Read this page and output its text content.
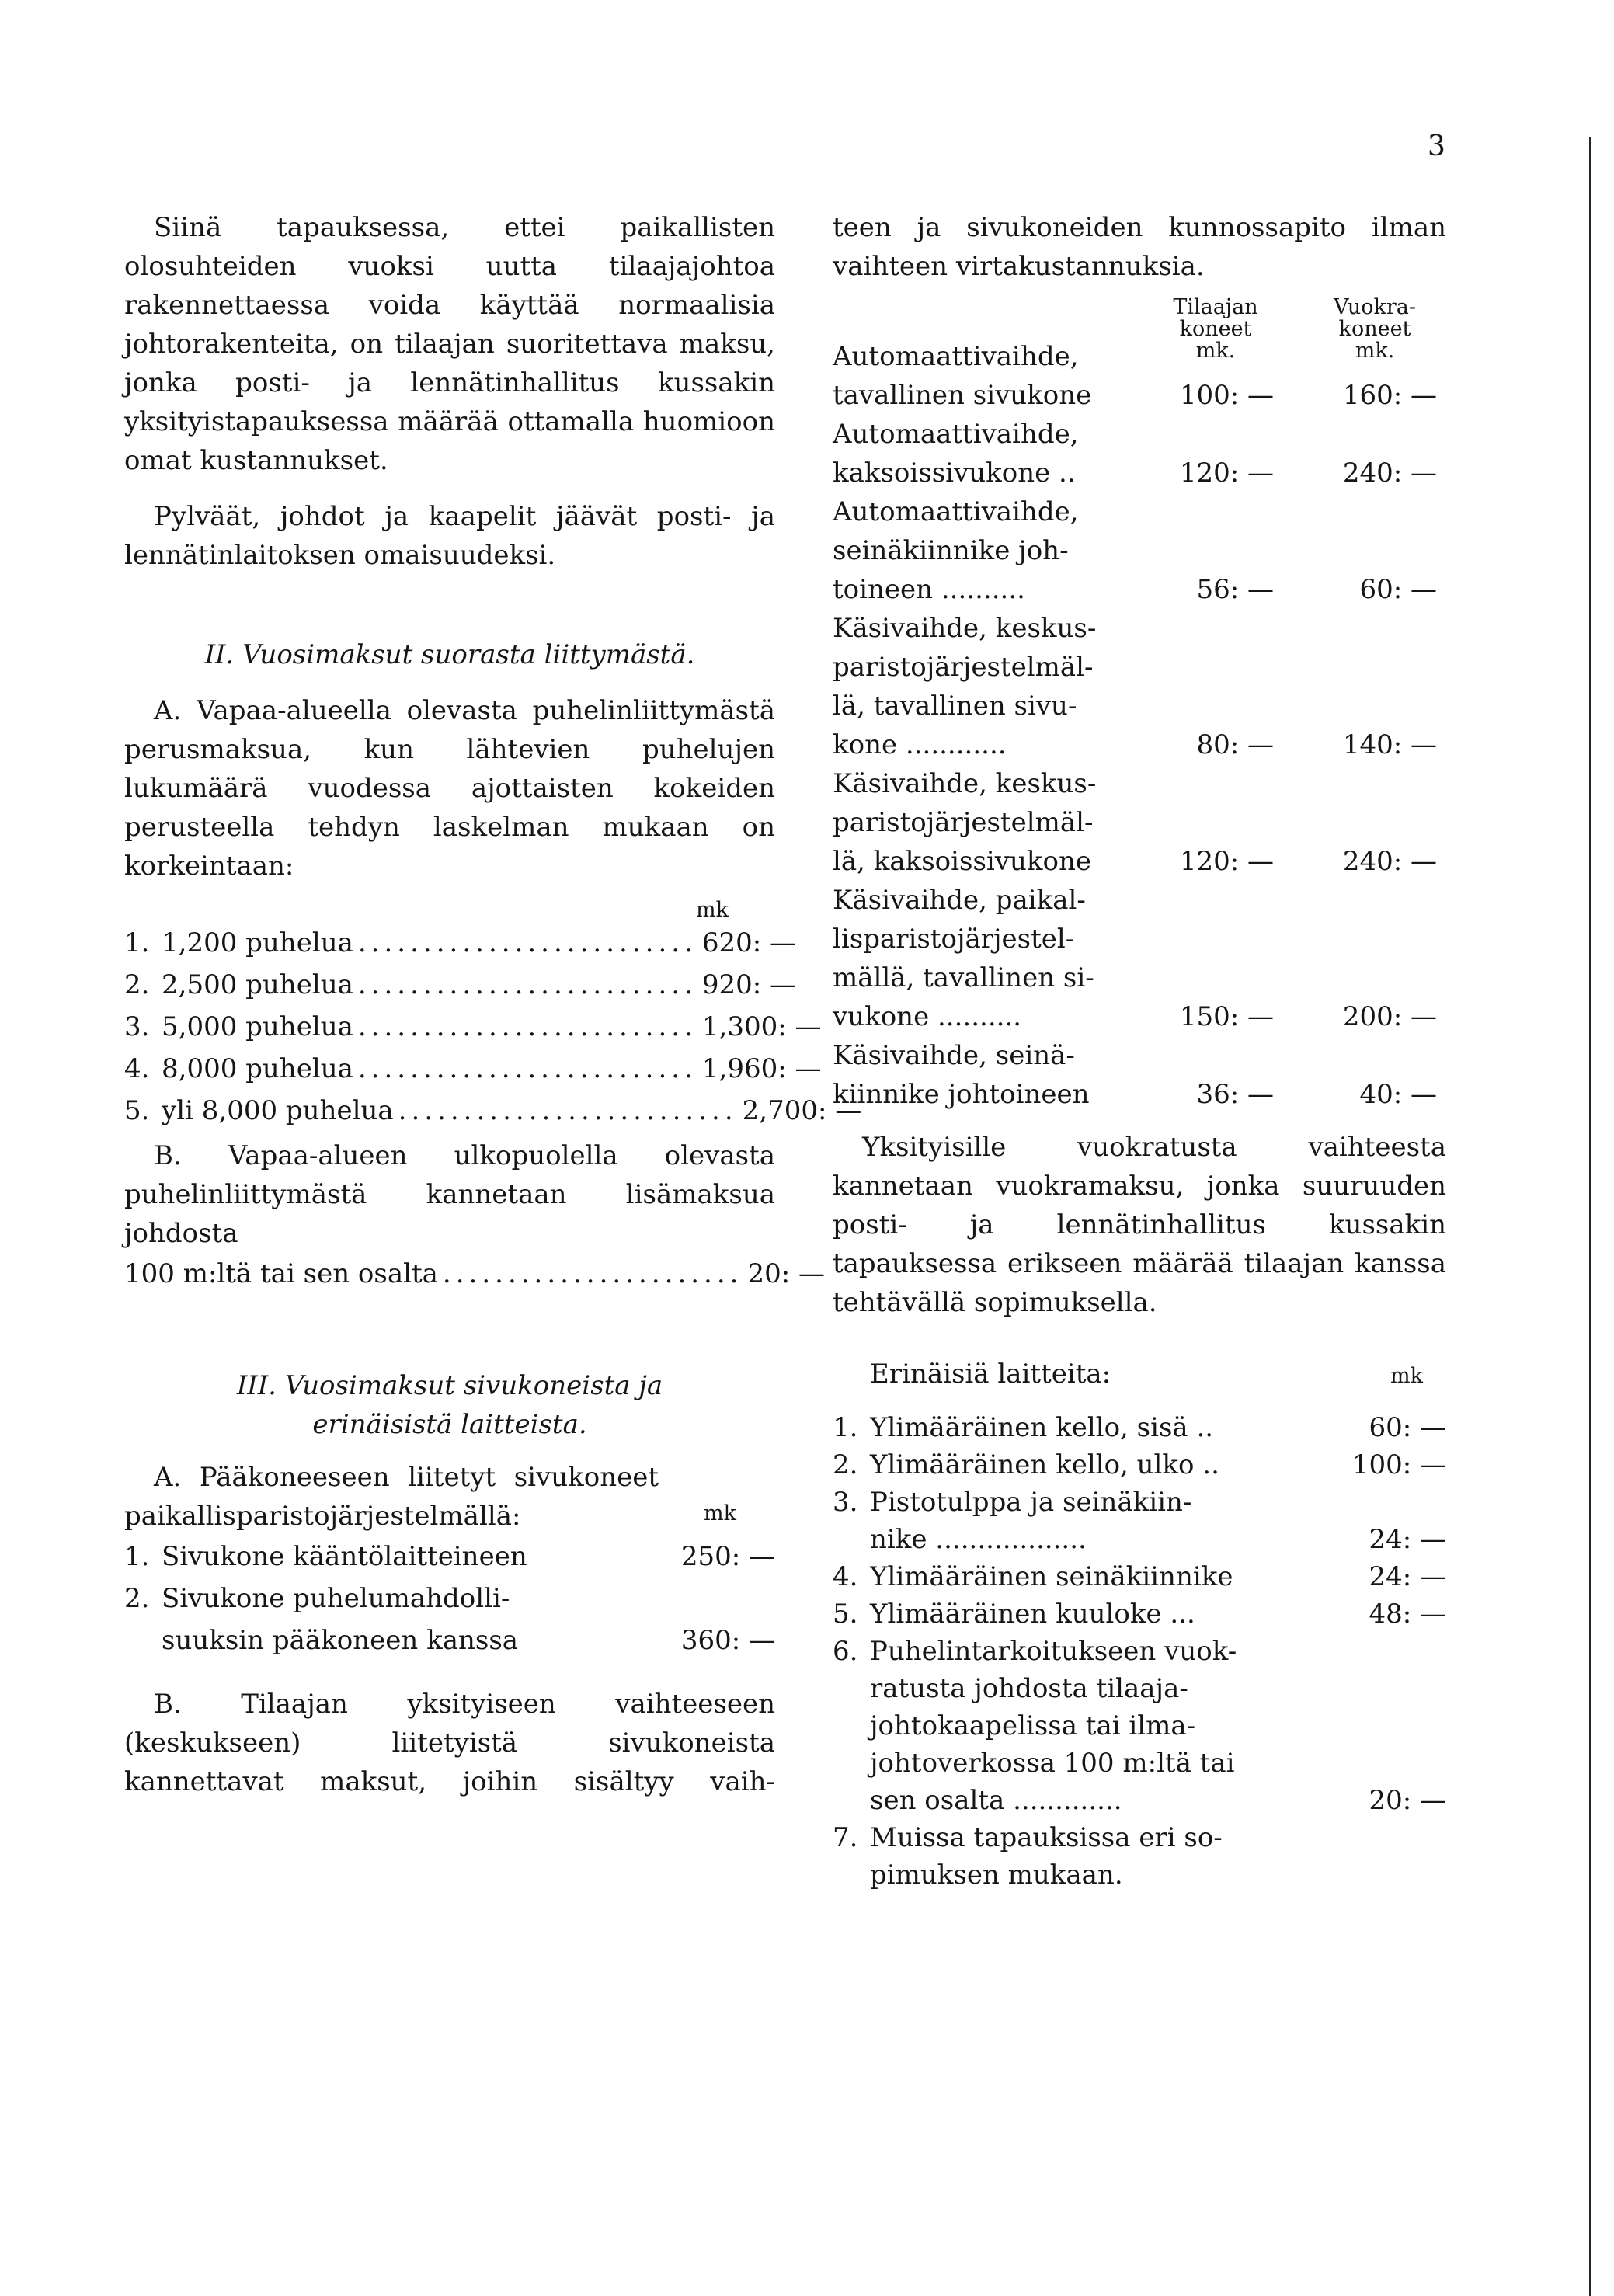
3
Siinä tapauksessa, ettei paikallisten olosuhteiden vuoksi uutta tilaajajohtoa rakennettaessa voida käyttää normaalisia johtorakenteita, on tilaajan suoritettava maksu, jonka posti- ja lennätinhallitus kussakin yksityistapauksessa määrää ottamalla huomioon omat kustannukset.
Pylväät, johdot ja kaapelit jäävät posti- ja lennätinlaitoksen omaisuudeksi.
II. Vuosimaksut suorasta liittymästä.
A. Vapaa-alueella olevasta puhelinliittymästä perusmaksua, kun lähtevien puhelujen lukumäärä vuodessa ajottaisten kokeiden perusteella tehdyn laskelman mukaan on korkeintaan:
mk
1. 1,200 puhelua .......................... 620: —
2. 2,500 puhelua .......................... 920: —
3. 5,000 puhelua .......................... 1,300: —
4. 8,000 puhelua .......................... 1,960: —
5. yli 8,000 puhelua .......................... 2,700: —
B. Vapaa-alueen ulkopuolella olevasta puhelinliittymästä kannetaan lisämaksua johdosta
100 m:ltä tai sen osalta ....................... 20: —
III. Vuosimaksut sivukoneista ja
erinäisistä laitteista.
A. Pääkoneeseen liitetyt sivukoneet paikallisparistojärjestelmällä:	mk
1. Sivukone kääntölaitteineen	250: —
2. Sivukone puhelumahdolli-
suuksin pääkoneen kanssa	360: —
B. Tilaajan yksityiseen vaihteeseen (keskukseen) liitetyistä sivukoneista kannettavat maksut, joihin sisältyy vaih-
teen ja sivukoneiden kunnossapito ilman vaihteen virtakustannuksia.
Tilaajan
koneet
mk.
Vuokra-
koneet
mk.
Automaattivaihde,
tavallinen sivukone	100: —	160: —
Automaattivaihde,
kaksoissivukone ..	120: —	240: —
Automaattivaihde,
seinäkiinnike joh-
toineen ..........	56: —	60: —
Käsivaihde, keskus-
paristojärjestelmäl-
lä, tavallinen sivu-
kone ............	80: —	140: —
Käsivaihde, keskus-
paristojärjestelmäl-
lä, kaksoissivukone	120: —	240: —
Käsivaihde, paikal-
lisparistojärjestel-
mällä, tavallinen si-
vukone ..........	150: —	200: —
Käsivaihde, seinä-
kiinnike johtoineen	36: —	40: —
Yksityisille vuokratusta vaihteesta kannetaan vuokramaksu, jonka suuruuden posti- ja lennätinhallitus kussakin tapauksessa erikseen määrää tilaajan kanssa tehtävällä sopimuksella.
Erinäisiä laitteita:	mk
1. Ylimääräinen kello, sisä ..	60: —
2. Ylimääräinen kello, ulko ..	100: —
3. Pistotulppa ja seinäkiin-
nike ..................	24: —
4. Ylimääräinen seinäkiinnike	24: —
5. Ylimääräinen kuuloke ...	48: —
6. Puhelintarkoitukseen vuok-
ratusta johdosta tilaaja-
johtokaapelissa tai ilma-
johtoverkossa 100 m:ltä tai
sen osalta .............	20: —
7. Muissa tapauksissa eri so-
pimuksen mukaan.
